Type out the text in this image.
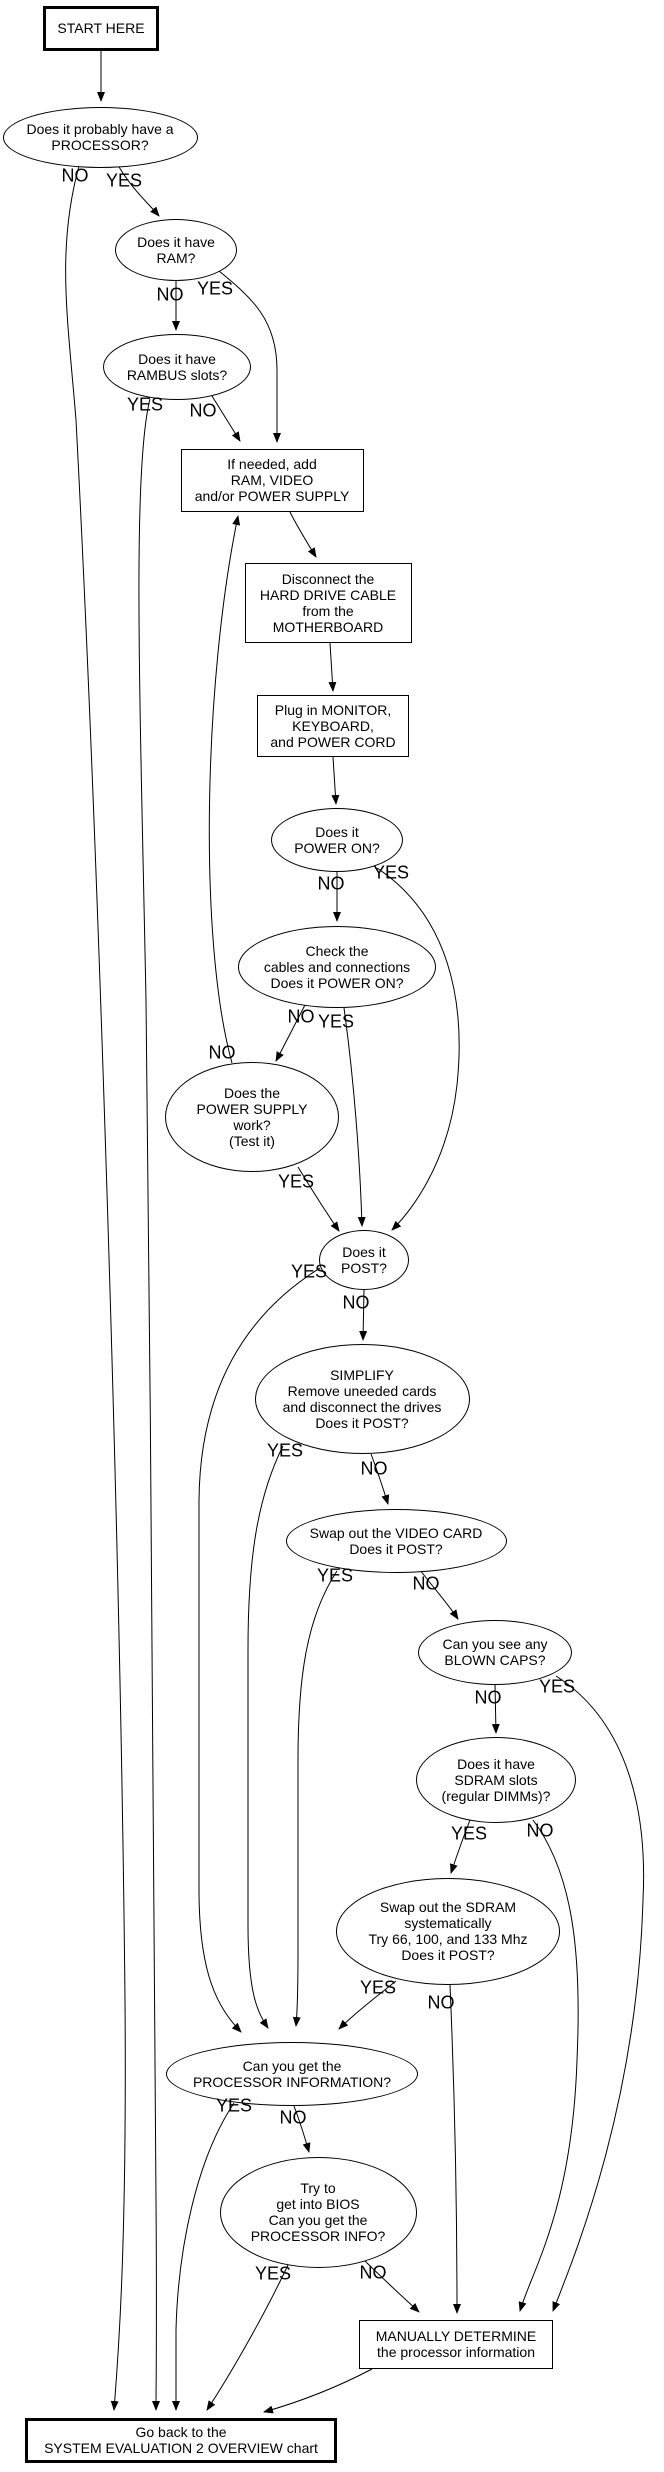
START HERE
Does it probably have a
PROCESSOR?
Does it have
RAM?
Does it have
RAMBUS slots?
If needed, add
RAM, VIDEO
and/or POWER SUPPLY
Disconnect the
HARD DRIVE CABLE
from the
MOTHERBOARD
Plug in MONITOR,
KEYBOARD,
and POWER CORD
Does it
POWER ON?
Check the
cables and connections
Does it POWER ON?
Does the
POWER SUPPLY
work?
(Test it)
Does it
POST?
SIMPLIFY
Remove uneeded cards
and disconnect the drives
Does it POST?
Swap out the VIDEO CARD
Does it POST?
Can you see any
BLOWN CAPS?
Does it have
SDRAM slots
(regular DIMMs)?
Swap out the SDRAM
systematically
Try 66, 100, and 133 Mhz
Does it POST?
Can you get the
PROCESSOR INFORMATION?
Try to
get into BIOS
Can you get the
PROCESSOR INFO?
MANUALLY DETERMINE
the processor information
Go back to the
SYSTEM EVALUATION 2 OVERVIEW chart
YES
NO
NO YES
NO
YES
NO
YES
NO YES
NO
YES
YES
NO
YES
NO
YES	NO
NO
YES
YES NO
YES
NO
YES
NO
YES	NO
